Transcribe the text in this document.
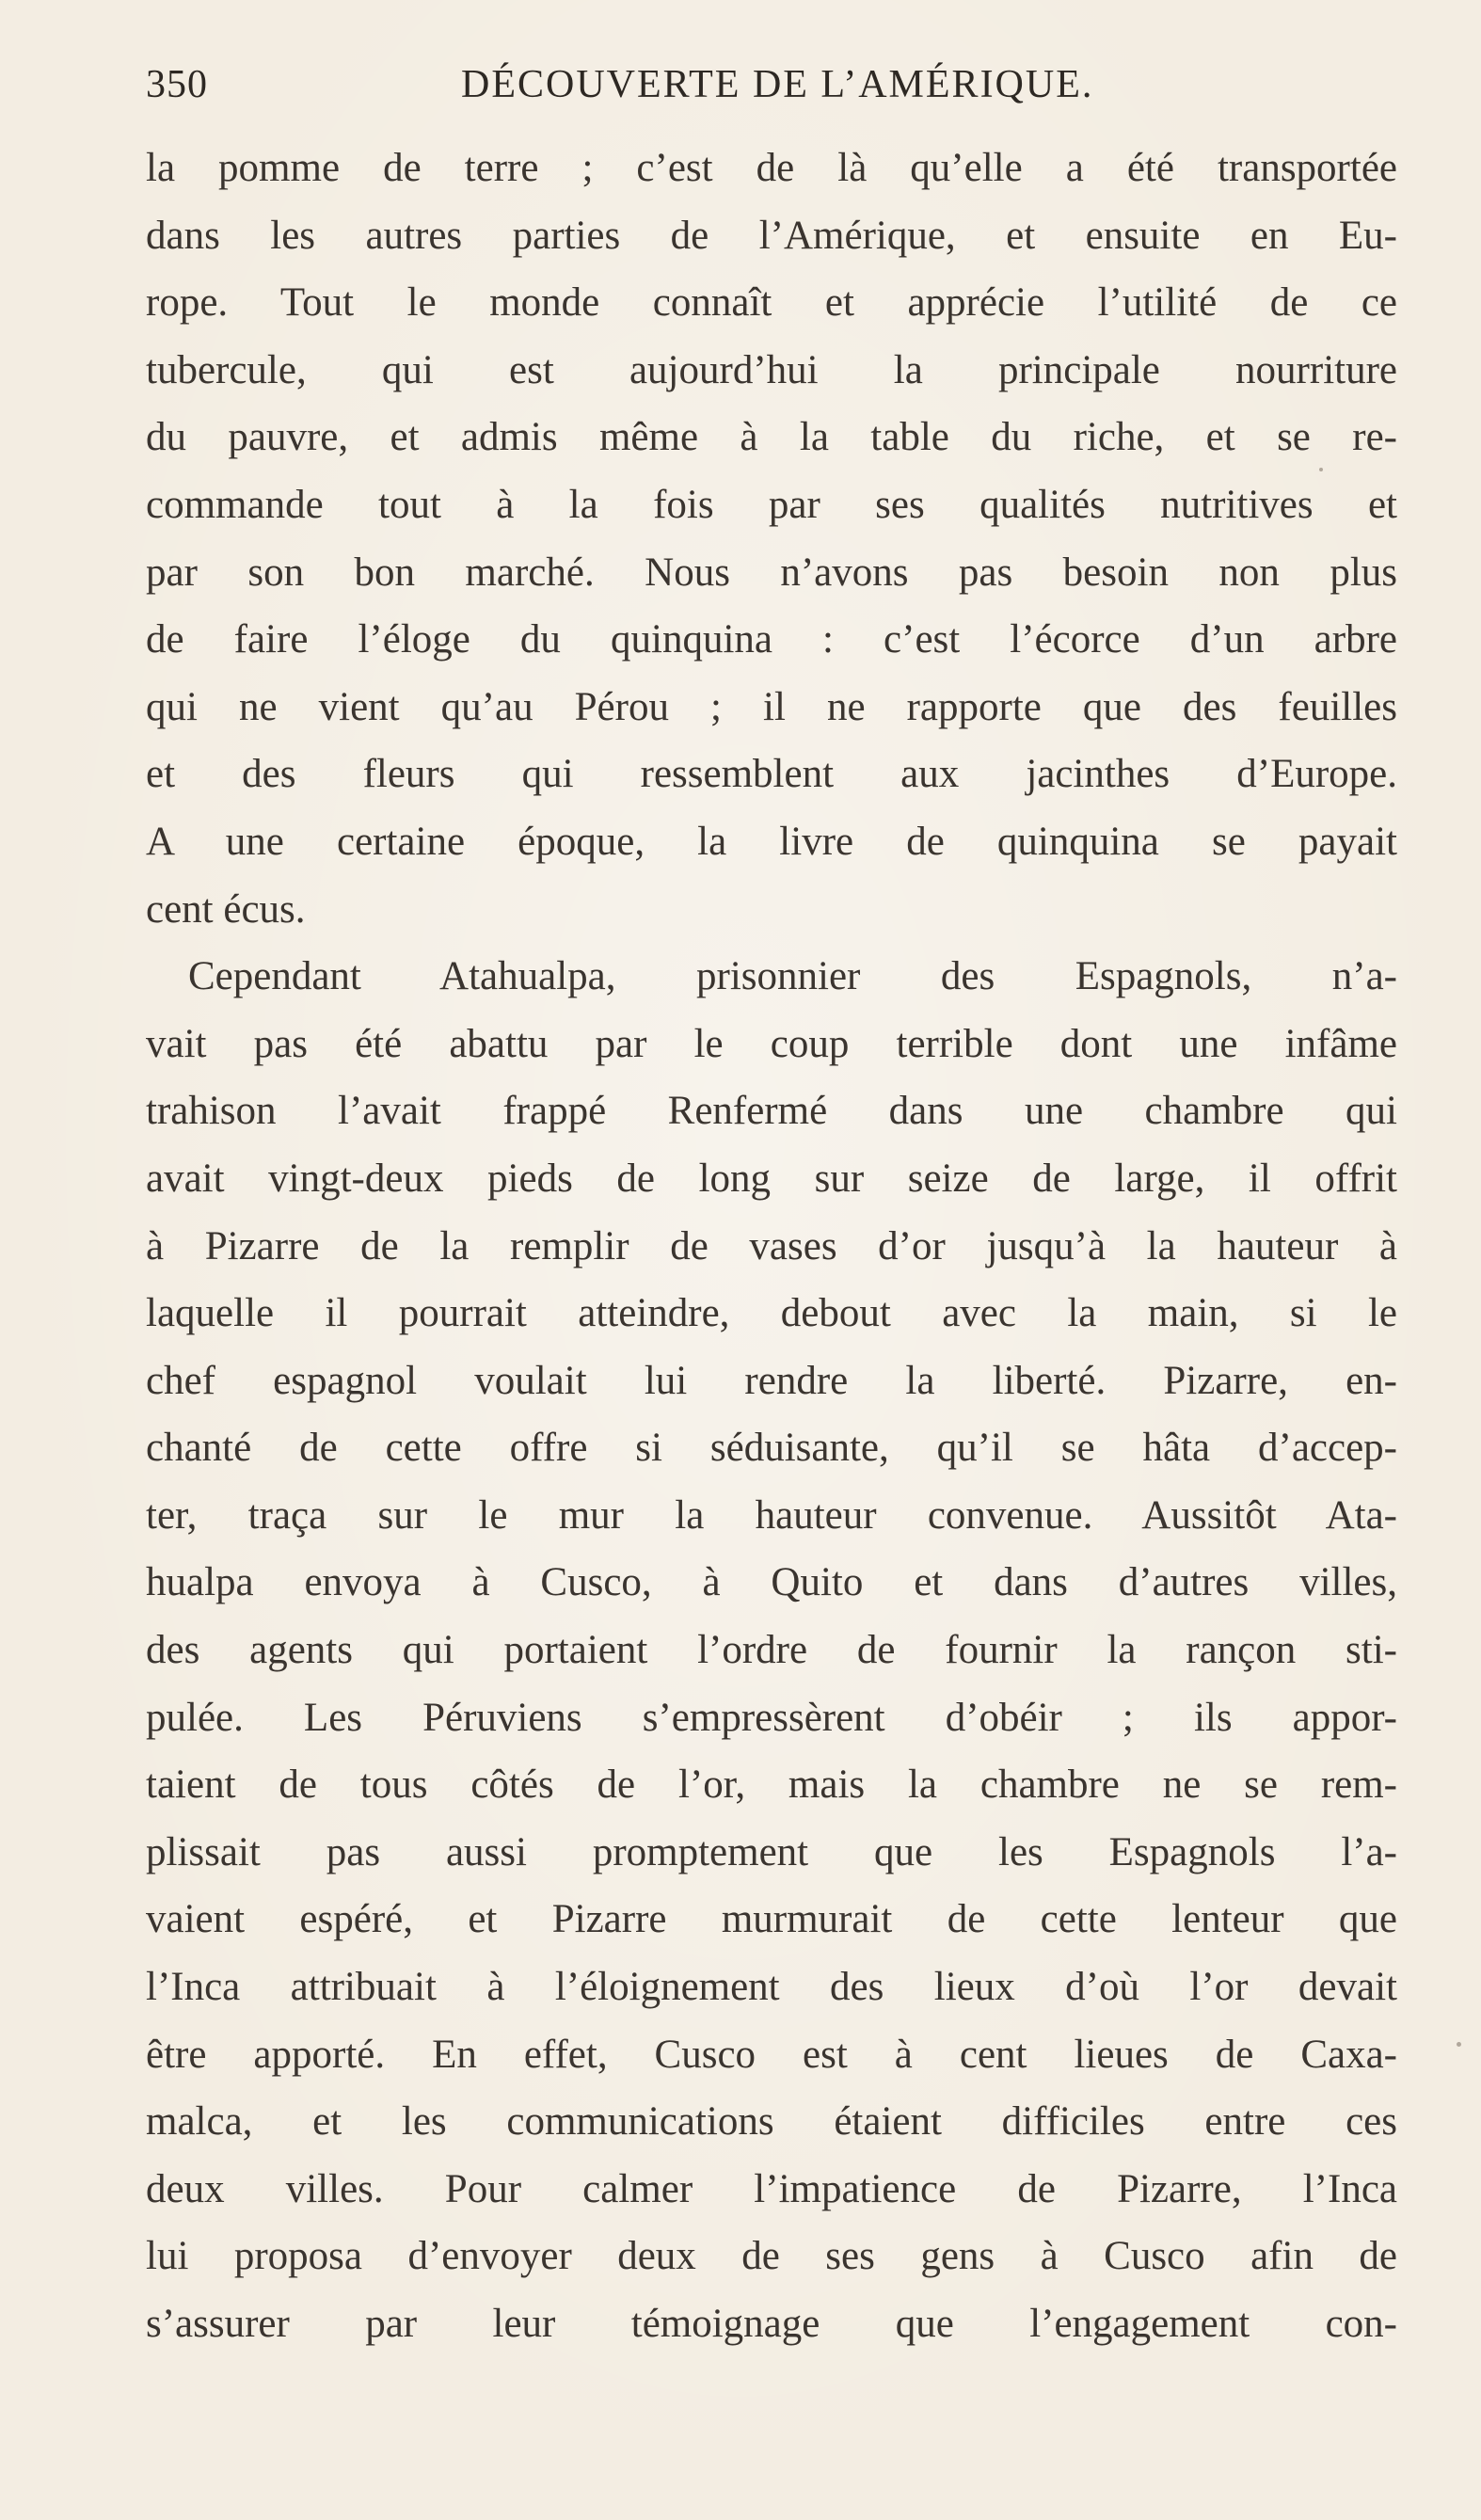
350	DÉCOUVERTE DE L’AMÉRIQUE.
la pomme de terre ; c’est de là qu’elle a été transportée
dans les autres parties de l’Amérique, et ensuite en Eu-
rope. Tout le monde connaît et apprécie l’utilité de ce
tubercule, qui est aujourd’hui la principale nourriture
du pauvre, et admis même à la table du riche, et se re-
commande tout à la fois par ses qualités nutritives et
par son bon marché. Nous n’avons pas besoin non plus
de faire l’éloge du quinquina : c’est l’écorce d’un arbre
qui ne vient qu’au Pérou ; il ne rapporte que des feuilles
et des fleurs qui ressemblent aux jacinthes d’Europe.
A une certaine époque, la livre de quinquina se payait
cent écus.
Cependant Atahualpa, prisonnier des Espagnols, n’a-
vait pas été abattu par le coup terrible dont une infâme
trahison l’avait frappé Renfermé dans une chambre qui
avait vingt-deux pieds de long sur seize de large, il offrit
à Pizarre de la remplir de vases d’or jusqu’à la hauteur à
laquelle il pourrait atteindre, debout avec la main, si le
chef espagnol voulait lui rendre la liberté. Pizarre, en-
chanté de cette offre si séduisante, qu’il se hâta d’accep-
ter, traça sur le mur la hauteur convenue. Aussitôt Ata-
hualpa envoya à Cusco, à Quito et dans d’autres villes,
des agents qui portaient l’ordre de fournir la rançon sti-
pulée. Les Péruviens s’empressèrent d’obéir ; ils appor-
taient de tous côtés de l’or, mais la chambre ne se rem-
plissait pas aussi promptement que les Espagnols l’a-
vaient espéré, et Pizarre murmurait de cette lenteur que
l’Inca attribuait à l’éloignement des lieux d’où l’or devait
être apporté. En effet, Cusco est à cent lieues de Caxa-
malca, et les communications étaient difficiles entre ces
deux villes. Pour calmer l’impatience de Pizarre, l’Inca
lui proposa d’envoyer deux de ses gens à Cusco afin de
s’assurer par leur témoignage que l’engagement con-
